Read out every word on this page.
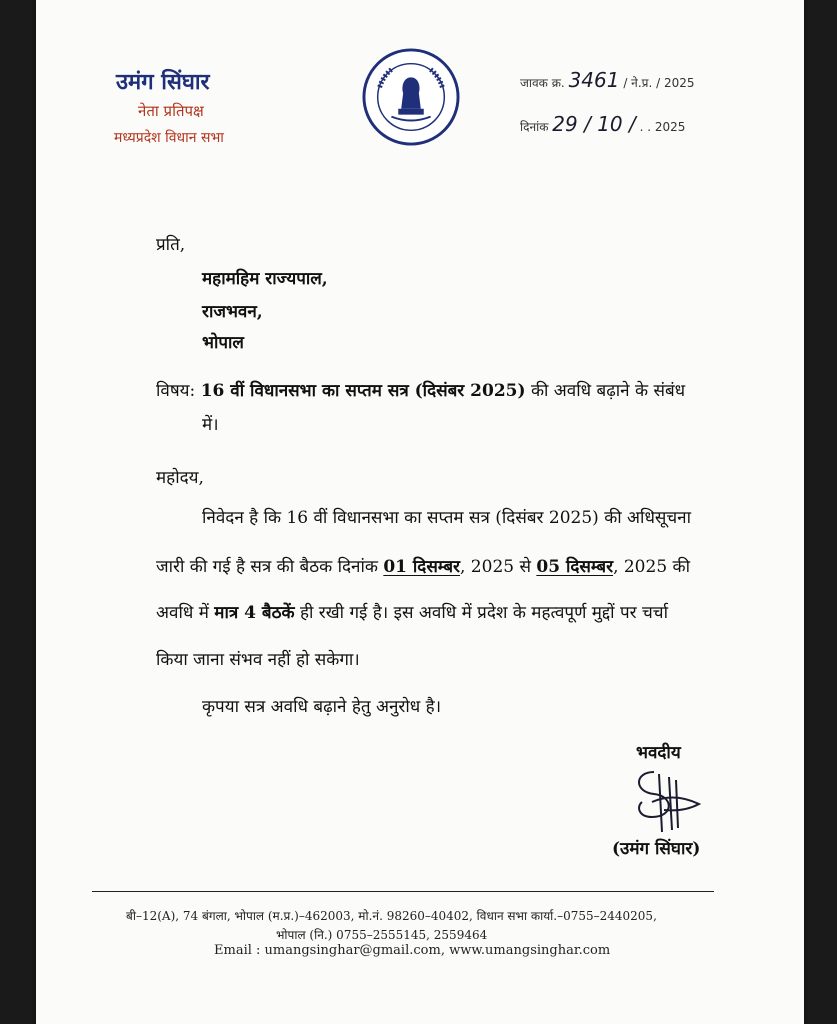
उमंग सिंघार
नेता प्रतिपक्ष
मध्यप्रदेश विधान सभा
जावक क्र. 3461 / ने.प्र. / 2025
दिनांक 29 / 10 / . . 2025
प्रति,
महामहिम राज्यपाल,
राजभवन,
भोपाल
विषय: 16 वीं विधानसभा का सप्तम सत्र (दिसंबर 2025) की अवधि बढ़ाने के संबंध
में।
महोदय,
निवेदन है कि 16 वीं विधानसभा का सप्तम सत्र (दिसंबर 2025) की अधिसूचना
जारी की गई है सत्र की बैठक दिनांक 01 दिसम्बर, 2025 से 05 दिसम्बर, 2025 की
अवधि में मात्र 4 बैठकें ही रखी गई है। इस अवधि में प्रदेश के महत्वपूर्ण मुद्दों पर चर्चा
किया जाना संभव नहीं हो सकेगा।
कृपया सत्र अवधि बढ़ाने हेतु अनुरोध है।
भवदीय
(उमंग सिंघार)
बी–12(A), 74 बंगला, भोपाल (म.प्र.)–462003, मो.नं. 98260–40402, विधान सभा कार्या.–0755–2440205,
भोपाल (नि.) 0755–2555145, 2559464
Email : umangsinghar@gmail.com, www.umangsinghar.com
